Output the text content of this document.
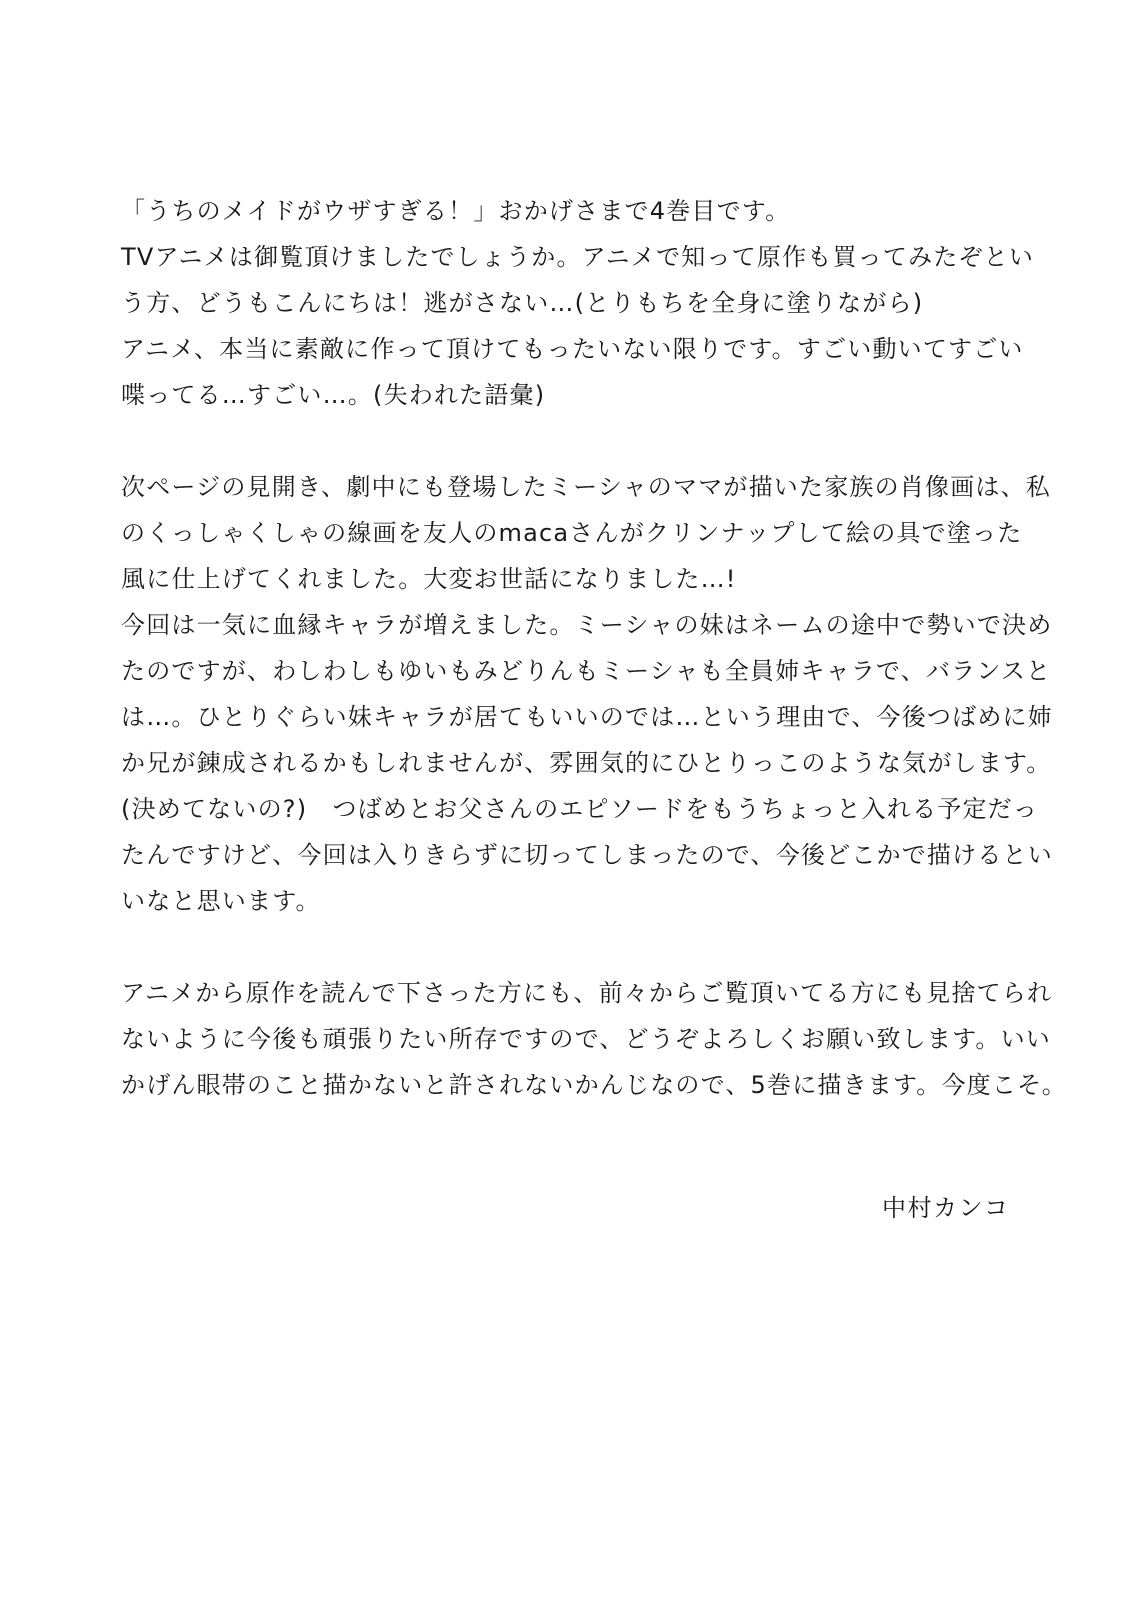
「うちのメイドがウザすぎる！」おかげさまで4巻目です。
TVアニメは御覧頂けましたでしょうか。アニメで知って原作も買ってみたぞとい
う方、どうもこんにちは！逃がさない…(とりもちを全身に塗りながら)
アニメ、本当に素敵に作って頂けてもったいない限りです。すごい動いてすごい
喋ってる…すごい…。(失われた語彙)

次ページの見開き、劇中にも登場したミーシャのママが描いた家族の肖像画は、私
のくっしゃくしゃの線画を友人のmacaさんがクリンナップして絵の具で塗った
風に仕上げてくれました。大変お世話になりました…!
今回は一気に血縁キャラが増えました。ミーシャの妹はネームの途中で勢いで決め
たのですが、わしわしもゆいもみどりんもミーシャも全員姉キャラで、バランスと
は…。ひとりぐらい妹キャラが居てもいいのでは…という理由で、今後つばめに姉
か兄が錬成されるかもしれませんが、雰囲気的にひとりっこのような気がします。
(決めてないの?)　つばめとお父さんのエピソードをもうちょっと入れる予定だっ
たんですけど、今回は入りきらずに切ってしまったので、今後どこかで描けるとい
いなと思います。

アニメから原作を読んで下さった方にも、前々からご覧頂いてる方にも見捨てられ
ないように今後も頑張りたい所存ですので、どうぞよろしくお願い致します。いい
かげん眼帯のこと描かないと許されないかんじなので、5巻に描きます。今度こそ。

中村カンコ
